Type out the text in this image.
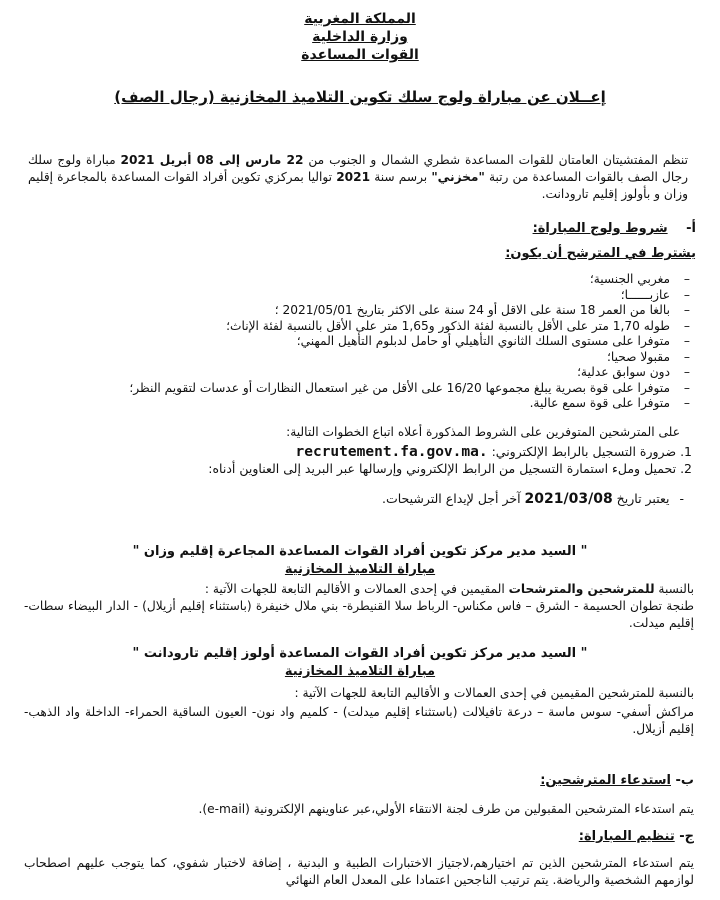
المملكة المغربية
وزارة الداخلية
القوات المساعدة
إعــلان عن مباراة ولوج سلك تكوين التلاميذ المخازنية (رجال الصف)
تنظم المفتشيتان العامتان للقوات المساعدة شطري الشمال و الجنوب من 22 مارس إلى 08 أبريل 2021 مباراة ولوج سلك رجال الصف بالقوات المساعدة من رتبة "مخزني" برسم سنة 2021 تواليا بمركزي تكوين أفراد القوات المساعدة بالمجاعرة إقليم وزان و بأولوز إقليم تارودانت.
أ- شروط ولوج المباراة:
يشترط في المترشح أن يكون:
– مغربي الجنسية؛
– عازبــــــا؛
– بالغا من العمر 18 سنة على الاقل أو 24 سنة على الاكثر بتاريخ 2021/05/01 ؛
– طوله 1,70 متر على الأقل بالنسبة لفئة الذكور و1,65 متر على الأقل بالنسبة لفئة الإناث؛
– متوفرا على مستوى السلك الثانوي التأهيلي أو حامل لدبلوم التأهيل المهني؛
– مقبولا صحيا؛
– دون سوابق عدلية؛
– متوفرا على قوة بصرية يبلغ مجموعها 16/20 على الأقل من غير استعمال النظارات أو عدسات لتقويم النظر؛
– متوفرا على قوة سمع عالية.
على المترشحين المتوفرين على الشروط المذكورة أعلاه اتباع الخطوات التالية:
1. ضرورة التسجيل بالرابط الإلكتروني: recrutement.fa.gov.ma.
2. تحميل وملء استمارة التسجيل من الرابط الإلكتروني وإرسالها عبر البريد إلى العناوين أدناه:
-يعتبر تاريخ 2021/03/08 آخر أجل لإيداع الترشيحات.
" السيد مدير مركز تكوين أفراد القوات المساعدة المجاعرة إقليم وزان "
مباراة التلاميذ المخازنية
بالنسبة للمترشحين والمترشحات المقيمين في إحدى العمالات و الأقاليم التابعة للجهات الآتية :
طنجة تطوان الحسيمة - الشرق – فاس مكناس- الرباط سلا القنيطرة- بني ملال خنيفرة (باستثناء إقليم أزيلال) - الدار البيضاء سطات- إقليم ميدلت.
" السيد مدير مركز تكوين أفراد القوات المساعدة أولوز إقليم تارودانت "
مباراة التلاميذ المخازنية
بالنسبة للمترشحين المقيمين في إحدى العمالات و الأقاليم التابعة للجهات الآتية :
مراكش أسفي- سوس ماسة – درعة تافيلالت (باستثناء إقليم ميدلت) - كلميم واد نون- العيون الساقية الحمراء- الداخلة واد الذهب- إقليم أزيلال.
ب- استدعاء المترشحين:
يتم استدعاء المترشحين المقبولين من طرف لجنة الانتقاء الأولي،عبر عناوينهم الإلكترونية (e-mail).
ج- تنظيم المباراة:
يتم استدعاء المترشحين الذين تم اختيارهم،لاجتياز الاختبارات الطبية و البدنية ، إضافة لاختبار شفوي، كما يتوجب عليهم اصطحاب لوازمهم الشخصية والرياضة. يتم ترتيب الناجحين اعتمادا على المعدل العام النهائي
